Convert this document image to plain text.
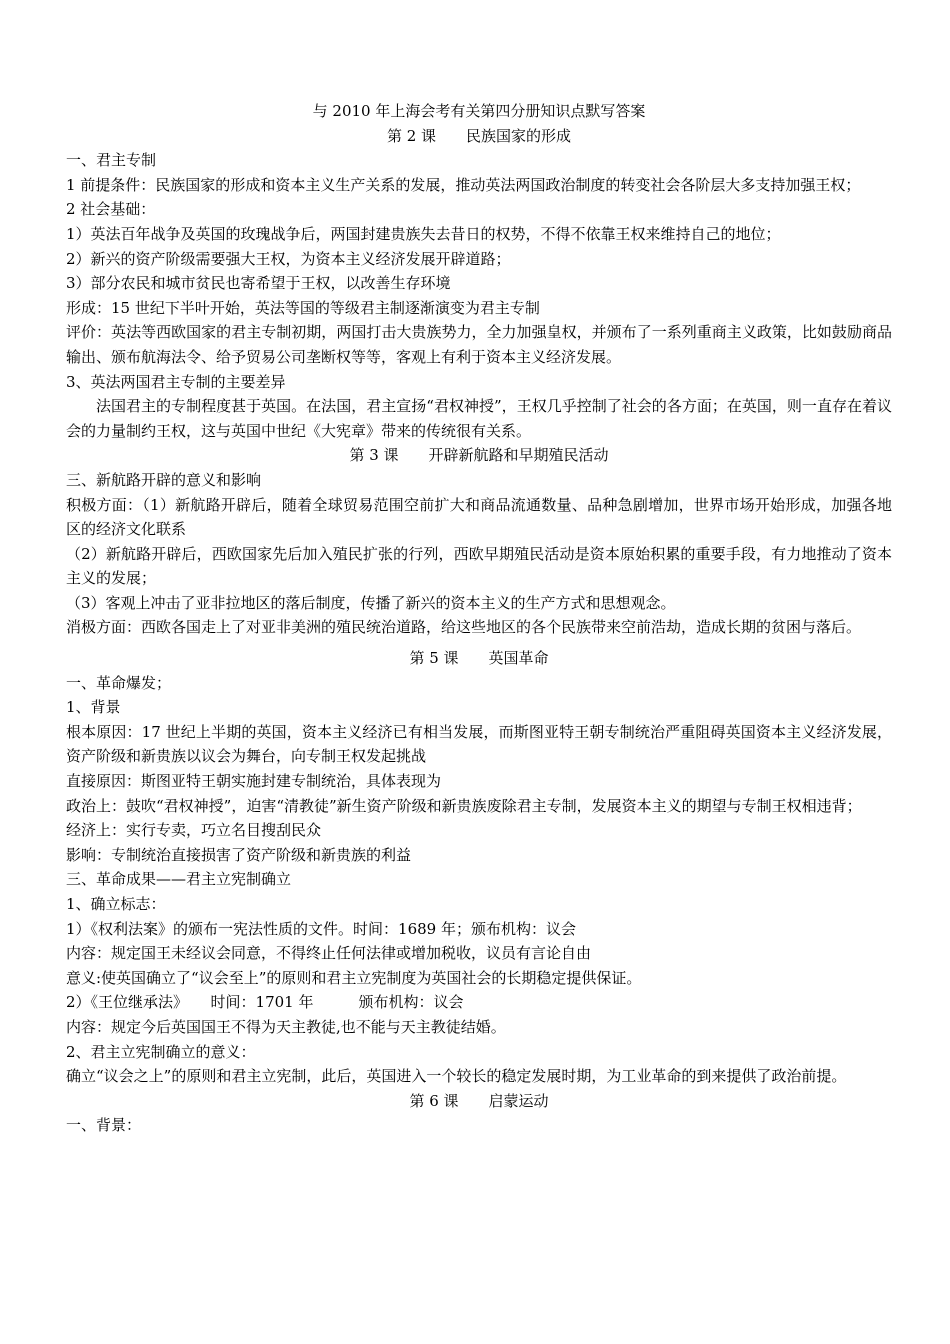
与 2010 年上海会考有关第四分册知识点默写答案

第 2 课　　民族国家的形成

一、君主专制

1 前提条件：民族国家的形成和资本主义生产关系的发展，推动英法两国政治制度的转变社会各阶层大多支持加强王权；

2 社会基础：

1）英法百年战争及英国的玫瑰战争后，两国封建贵族失去昔日的权势，不得不依靠王权来维持自己的地位；

2）新兴的资产阶级需要强大王权，为资本主义经济发展开辟道路；

3）部分农民和城市贫民也寄希望于王权，以改善生存环境

形成：15 世纪下半叶开始，英法等国的等级君主制逐渐演变为君主专制

评价：英法等西欧国家的君主专制初期，两国打击大贵族势力，全力加强皇权，并颁布了一系列重商主义政策，比如鼓励商品输出、颁布航海法令、给予贸易公司垄断权等等，客观上有利于资本主义经济发展。

3、英法两国君主专制的主要差异

法国君主的专制程度甚于英国。在法国，君主宣扬“君权神授”，王权几乎控制了社会的各方面；在英国，则一直存在着议会的力量制约王权，这与英国中世纪《大宪章》带来的传统很有关系。

第 3 课　　开辟新航路和早期殖民活动

三、新航路开辟的意义和影响

积极方面：（1）新航路开辟后，随着全球贸易范围空前扩大和商品流通数量、品种急剧增加，世界市场开始形成，加强各地区的经济文化联系

（2）新航路开辟后，西欧国家先后加入殖民扩张的行列，西欧早期殖民活动是资本原始积累的重要手段，有力地推动了资本主义的发展；

（3）客观上冲击了亚非拉地区的落后制度，传播了新兴的资本主义的生产方式和思想观念。

消极方面：西欧各国走上了对亚非美洲的殖民统治道路，给这些地区的各个民族带来空前浩劫，造成长期的贫困与落后。

第 5 课　　英国革命

一、革命爆发；

1、背景

根本原因：17 世纪上半期的英国，资本主义经济已有相当发展，而斯图亚特王朝专制统治严重阻碍英国资本主义经济发展，资产阶级和新贵族以议会为舞台，向专制王权发起挑战

直接原因：斯图亚特王朝实施封建专制统治，具体表现为

政治上：鼓吹“君权神授”，迫害“清教徒”新生资产阶级和新贵族废除君主专制，发展资本主义的期望与专制王权相违背；

经济上：实行专卖，巧立名目搜刮民众

影响：专制统治直接损害了资产阶级和新贵族的利益

三、革命成果——君主立宪制确立

1、确立标志：

1）《权利法案》的颁布一宪法性质的文件。时间：1689 年；颁布机构：议会

内容：规定国王未经议会同意，不得终止任何法律或增加税收，议员有言论自由

意义:使英国确立了“议会至上”的原则和君主立宪制度为英国社会的长期稳定提供保证。

2）《王位继承法》　　时间：1701 年　　　颁布机构：议会

内容：规定今后英国国王不得为天主教徒,也不能与天主教徒结婚。

2、君主立宪制确立的意义：

确立“议会之上”的原则和君主立宪制，此后，英国进入一个较长的稳定发展时期，为工业革命的到来提供了政治前提。

第 6 课　　启蒙运动

一、背景：
